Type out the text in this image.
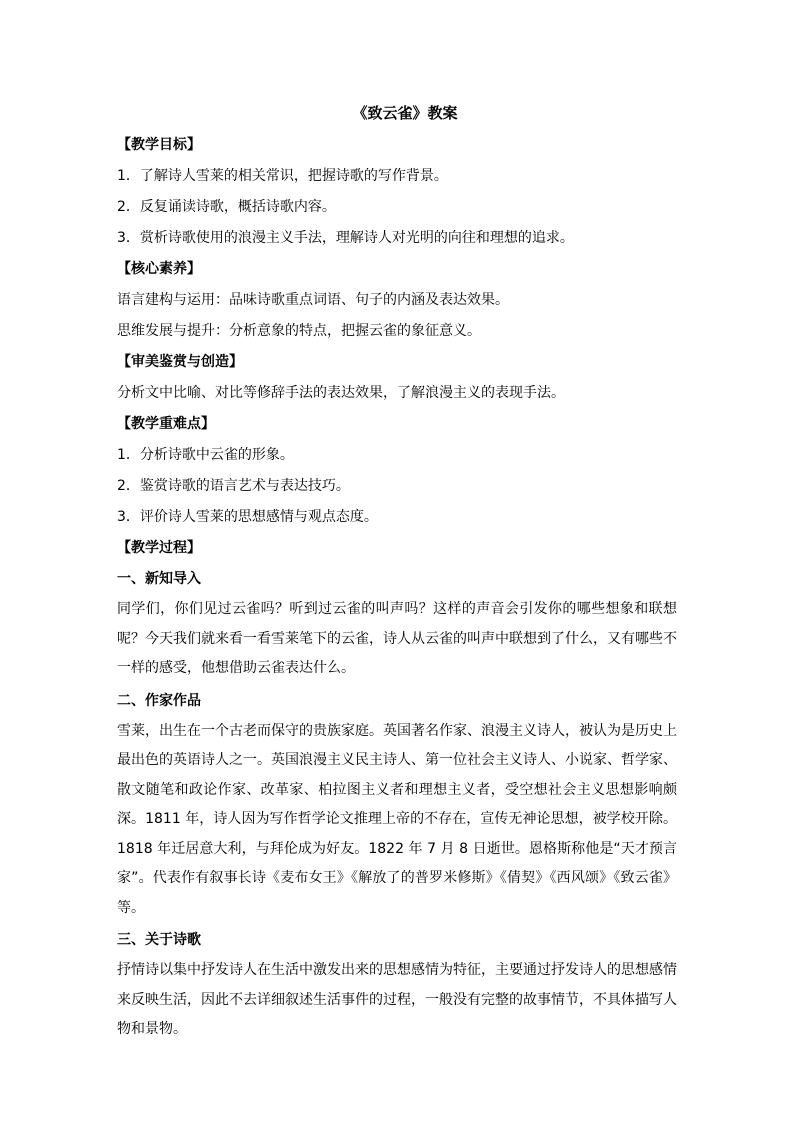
《致云雀》教案
【教学目标】
1．了解诗人雪莱的相关常识，把握诗歌的写作背景。
2．反复诵读诗歌，概括诗歌内容。
3．赏析诗歌使用的浪漫主义手法，理解诗人对光明的向往和理想的追求。
【核心素养】
语言建构与运用：品味诗歌重点词语、句子的内涵及表达效果。
思维发展与提升：分析意象的特点，把握云雀的象征意义。
【审美鉴赏与创造】
分析文中比喻、对比等修辞手法的表达效果，了解浪漫主义的表现手法。
【教学重难点】
1．分析诗歌中云雀的形象。
2．鉴赏诗歌的语言艺术与表达技巧。
3．评价诗人雪莱的思想感情与观点态度。
【教学过程】
一、新知导入

同学们，你们见过云雀吗？听到过云雀的叫声吗？这样的声音会引发你的哪些想象和联想呢？今天我们就来看一看雪莱笔下的云雀，诗人从云雀的叫声中联想到了什么，又有哪些不一样的感受，他想借助云雀表达什么。

二、作家作品

雪莱，出生在一个古老而保守的贵族家庭。英国著名作家、浪漫主义诗人，被认为是历史上最出色的英语诗人之一。英国浪漫主义民主诗人、第一位社会主义诗人、小说家、哲学家、散文随笔和政论作家、改革家、柏拉图主义者和理想主义者，受空想社会主义思想影响颇深。1811 年，诗人因为写作哲学论文推理上帝的不存在，宣传无神论思想，被学校开除。1818 年迁居意大利，与拜伦成为好友。1822 年 7 月 8 日逝世。恩格斯称他是“天才预言家”。代表作有叙事长诗《麦布女王》《解放了的普罗米修斯》《倩契》《西风颂》《致云雀》等。

三、关于诗歌

抒情诗以集中抒发诗人在生活中激发出来的思想感情为特征，主要通过抒发诗人的思想感情来反映生活，因此不去详细叙述生活事件的过程，一般没有完整的故事情节，不具体描写人物和景物。
